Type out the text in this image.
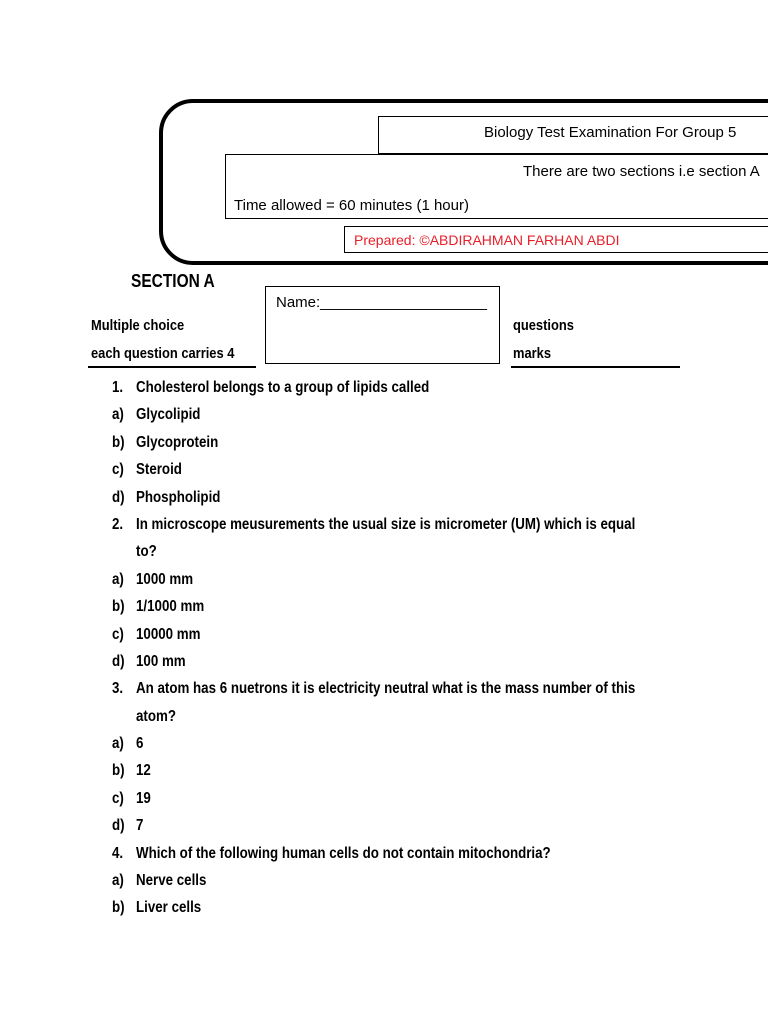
Biology Test Examination For Group 5
There are two sections i.e section A
Time allowed = 60 minutes (1 hour)
Prepared: ©ABDIRAHMAN FARHAN ABDI
SECTION A
Multiple choice
each question carries 4
Name:____________________
questions
marks
1. Cholesterol belongs to a group of lipids called
a) Glycolipid
b) Glycoprotein
c) Steroid
d) Phospholipid
2. In microscope meusurements the usual size is micrometer (UM) which is equal
to?
a) 1000 mm
b) 1/1000 mm
c) 10000 mm
d) 100 mm
3. An atom has 6 nuetrons it is electricity neutral what is the mass number of this
atom?
a) 6
b) 12
c) 19
d) 7
4. Which of the following human cells do not contain mitochondria?
a) Nerve cells
b) Liver cells
